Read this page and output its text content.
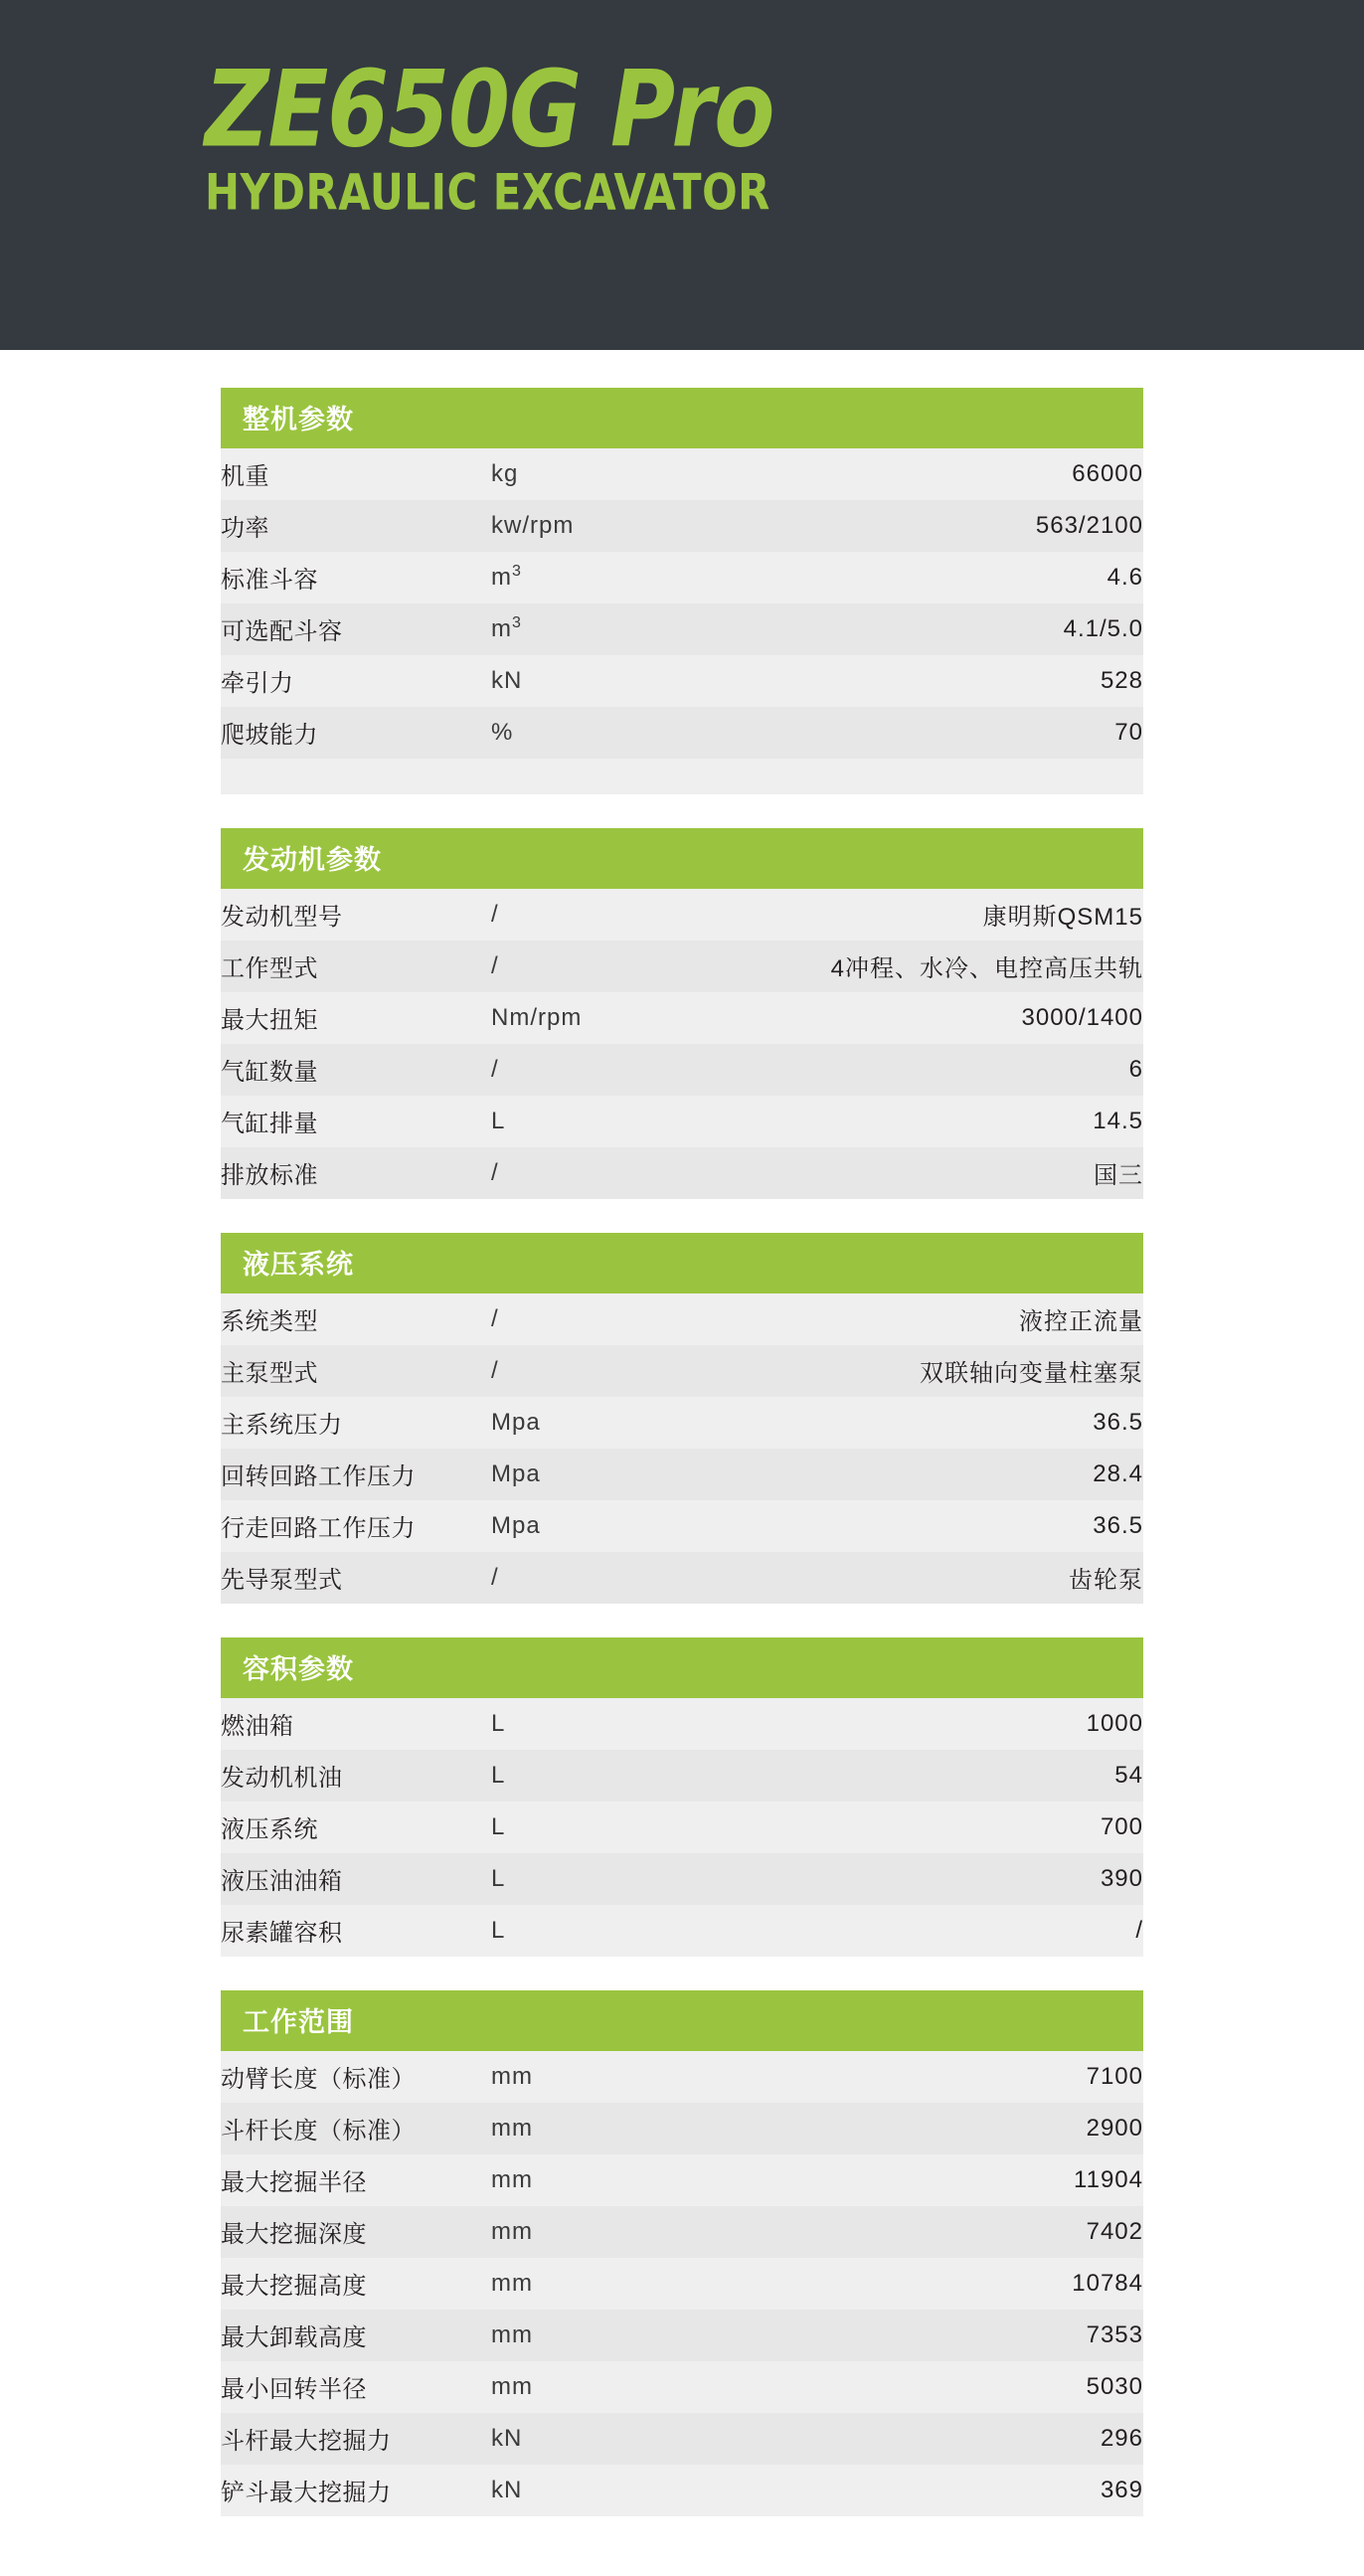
ZE650G Pro
HYDRAULIC EXCAVATOR
整机参数
机重	kg	66000
功率	kw/rpm	563/2100
标准斗容	$m^3$	4.6
可选配斗容	$m^3$	4.1/5.0
牵引力	kN	528
爬坡能力	%	70

发动机参数
发动机型号	/	康明斯QSM15
工作型式	/	4冲程、水冷、电控高压共轨
最大扭矩	Nm/rpm	3000/1400
气缸数量	/	6
气缸排量	L	14.5
排放标准	/	国三
液压系统
系统类型	/	液控正流量
主泵型式	/	双联轴向变量柱塞泵
主系统压力	Mpa	36.5
回转回路工作压力	Mpa	28.4
行走回路工作压力	Mpa	36.5
先导泵型式	/	齿轮泵
容积参数
燃油箱	L	1000
发动机机油	L	54
液压系统	L	700
液压油油箱	L	390
尿素罐容积	L	/
工作范围
动臂长度（标准）	mm	7100
斗杆长度（标准）	mm	2900
最大挖掘半径	mm	11904
最大挖掘深度	mm	7402
最大挖掘高度	mm	10784
最大卸载高度	mm	7353
最小回转半径	mm	5030
斗杆最大挖掘力	kN	296
铲斗最大挖掘力	kN	369
